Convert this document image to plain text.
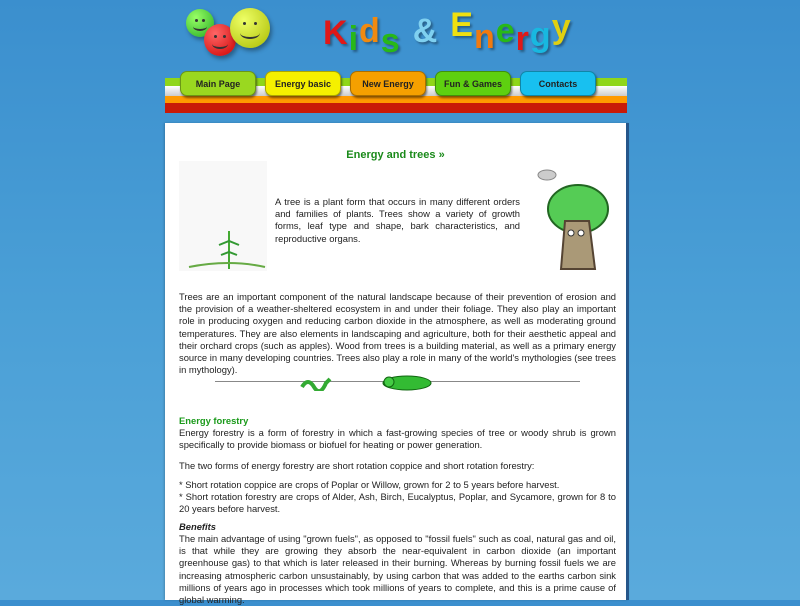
Kids & Energy
Main Page	Energy basic	New Energy	Fun & Games	Contacts
Energy and trees »
A tree is a plant form that occurs in many different orders and families of plants. Trees show a variety of growth forms, leaf type and shape, bark characteristics, and reproductive organs.
Trees are an important component of the natural landscape because of their prevention of erosion and the provision of a weather-sheltered ecosystem in and under their foliage. They also play an important role in producing oxygen and reducing carbon dioxide in the atmosphere, as well as moderating ground temperatures. They are also elements in landscaping and agriculture, both for their aesthetic appeal and their orchard crops (such as apples). Wood from trees is a building material, as well as a primary energy source in many developing countries. Trees also play a role in many of the world's mythologies (see trees in mythology).
Energy forestry
Energy forestry is a form of forestry in which a fast-growing species of tree or woody shrub is grown specifically to provide biomass or biofuel for heating or power generation.
The two forms of energy forestry are short rotation coppice and short rotation forestry:
* Short rotation coppice are crops of Poplar or Willow, grown for 2 to 5 years before harvest.
* Short rotation forestry are crops of Alder, Ash, Birch, Eucalyptus, Poplar, and Sycamore, grown for 8 to 20 years before harvest.
Benefits
The main advantage of using "grown fuels", as opposed to "fossil fuels" such as coal, natural gas and oil, is that while they are growing they absorb the near-equivalent in carbon dioxide (an important greenhouse gas) to that which is later released in their burning. Whereas by burning fossil fuels we are increasing atmospheric carbon unsustainably, by using carbon that was added to the earths carbon sink millions of years ago in processes which took millions of years to complete, and this is a prime cause of global warming.
